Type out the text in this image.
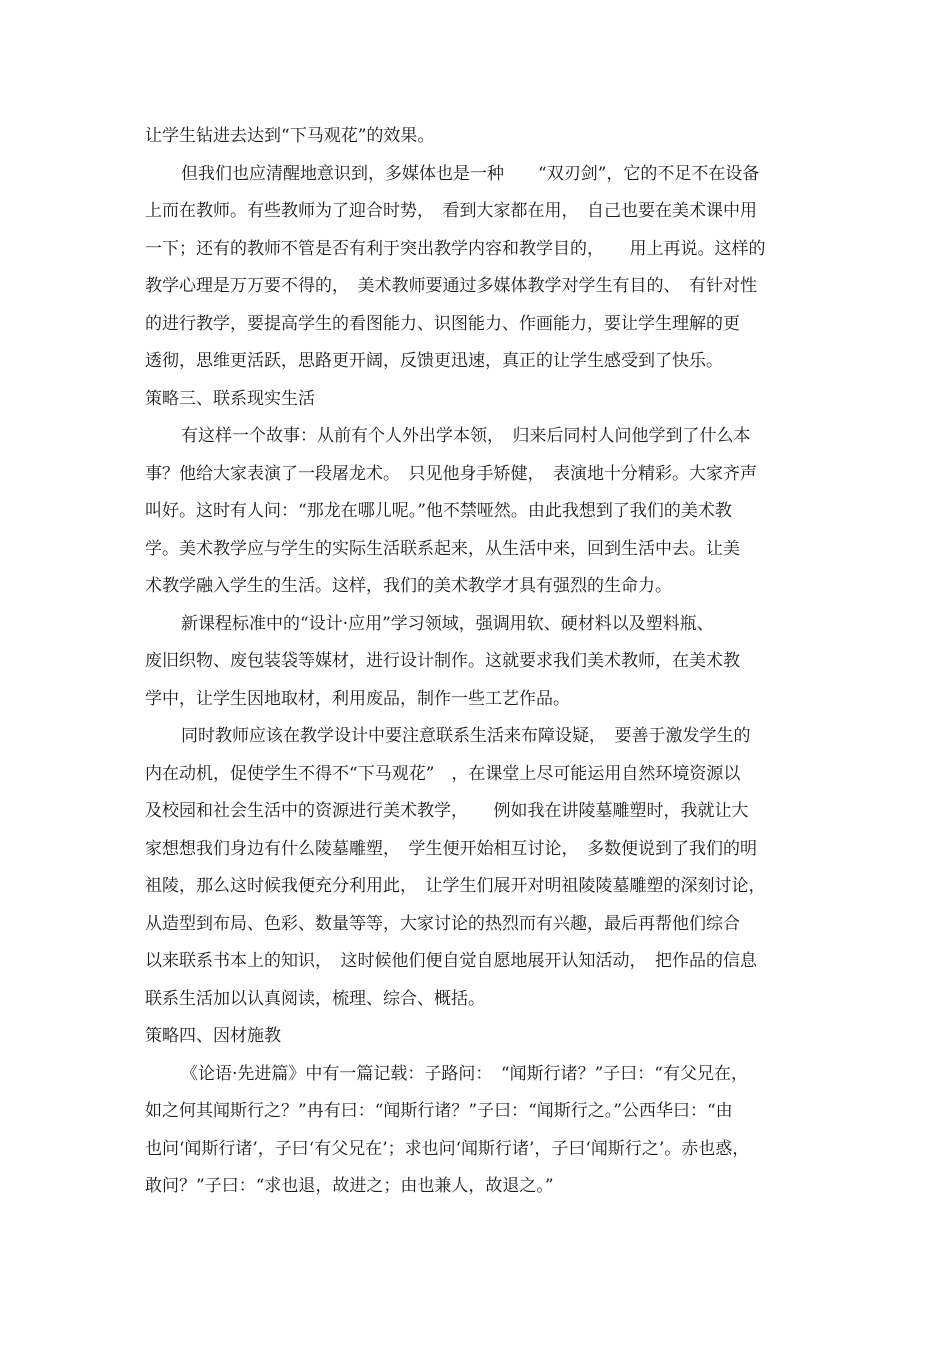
让学生钻进去达到“下马观花”的效果。
但我们也应清醒地意识到，多媒体也是一种　　“双刃剑”，它的不足不在设备
上而在教师。有些教师为了迎合时势，　看到大家都在用，　自己也要在美术课中用
一下；还有的教师不管是否有利于突出教学内容和教学目的，　　用上再说。这样的
教学心理是万万要不得的，　美术教师要通过多媒体教学对学生有目的、　有针对性
的进行教学，要提高学生的看图能力、识图能力、作画能力，要让学生理解的更
透彻，思维更活跃，思路更开阔，反馈更迅速，真正的让学生感受到了快乐。
策略三、联系现实生活
有这样一个故事：从前有个人外出学本领，　归来后同村人问他学到了什么本
事？他给大家表演了一段屠龙术。　只见他身手矫健，　表演地十分精彩。大家齐声
叫好。这时有人问：“那龙在哪儿呢。”他不禁哑然。由此我想到了我们的美术教
学。美术教学应与学生的实际生活联系起来，从生活中来，回到生活中去。让美
术教学融入学生的生活。这样，我们的美术教学才具有强烈的生命力。
新课程标准中的“设计·应用”学习领域，强调用软、硬材料以及塑料瓶、
废旧织物、废包装袋等媒材，进行设计制作。这就要求我们美术教师，在美术教
学中，让学生因地取材，利用废品，制作一些工艺作品。
同时教师应该在教学设计中要注意联系生活来布障设疑，　要善于激发学生的
内在动机，促使学生不得不“下马观花”　，在课堂上尽可能运用自然环境资源以
及校园和社会生活中的资源进行美术教学，　　例如我在讲陵墓雕塑时，我就让大
家想想我们身边有什么陵墓雕塑，　学生便开始相互讨论，　多数便说到了我们的明
祖陵，那么这时候我便充分利用此，　让学生们展开对明祖陵陵墓雕塑的深刻讨论，
从造型到布局、色彩、数量等等，大家讨论的热烈而有兴趣，最后再帮他们综合
以来联系书本上的知识，　这时候他们便自觉自愿地展开认知活动，　把作品的信息
联系生活加以认真阅读，梳理、综合、概括。
策略四、因材施教
《论语·先进篇》中有一篇记载：子路问：　“闻斯行诸？”子曰：“有父兄在，
如之何其闻斯行之？”冉有曰：“闻斯行诸？”子曰：“闻斯行之。”公西华曰：“由
也问‘闻斯行诸’，子曰‘有父兄在’；求也问‘闻斯行诸’，子曰‘闻斯行之’。赤也惑，
敢问？”子曰：“求也退，故进之；由也兼人，故退之。”
